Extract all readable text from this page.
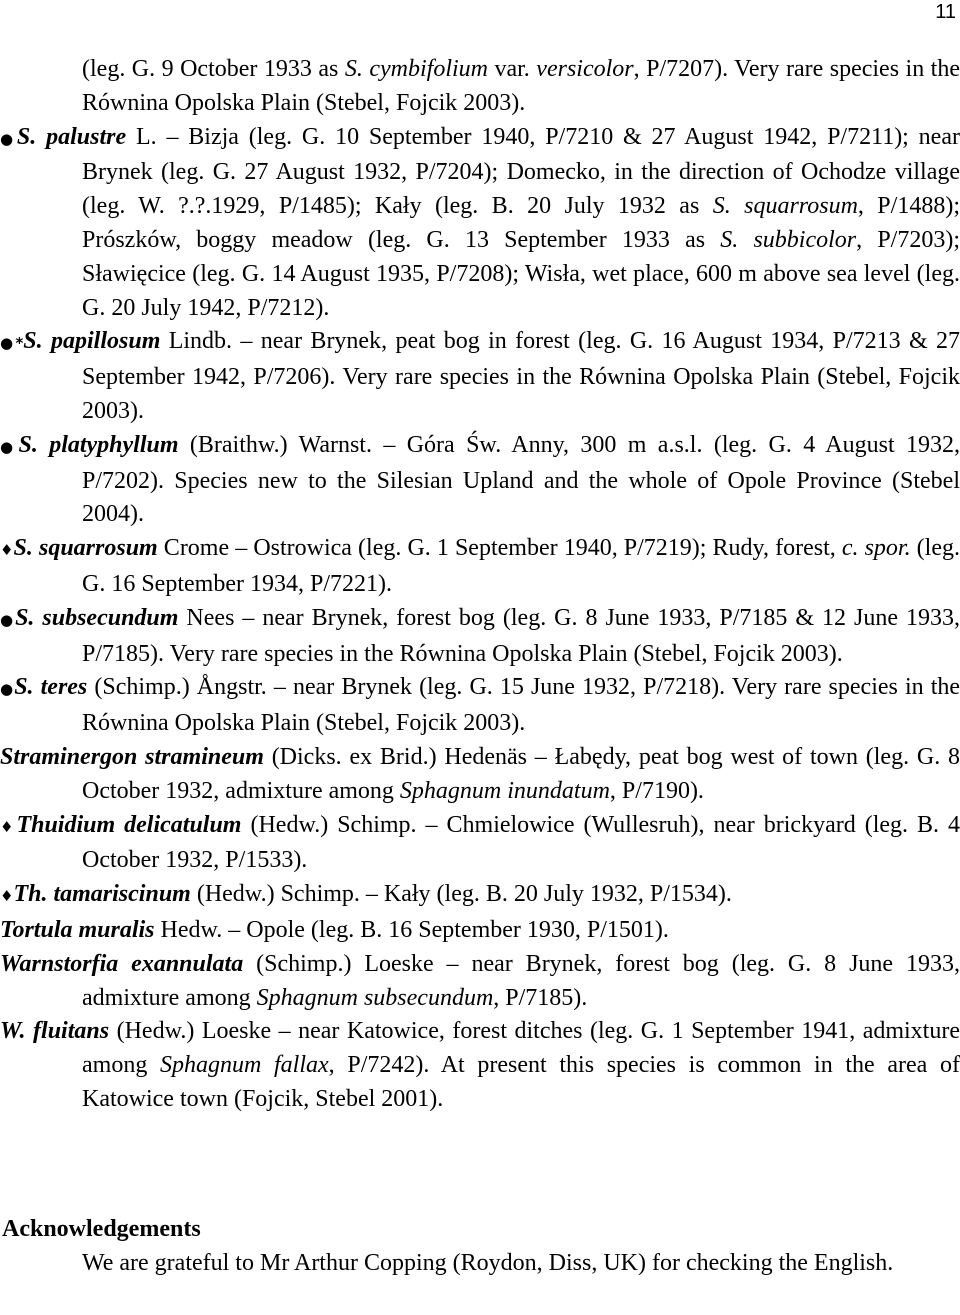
11

(leg. G. 9 October 1933 as S. cymbifolium var. versicolor, P/7207). Very rare species in the Równina Opolska Plain (Stebel, Fojcik 2003).

●S. palustre L. – Bizja (leg. G. 10 September 1940, P/7210 & 27 August 1942, P/7211); near Brynek (leg. G. 27 August 1932, P/7204); Domecko, in the direction of Ochodze village (leg. W. ?.?.1929, P/1485); Kały (leg. B. 20 July 1932 as S. squarrosum, P/1488); Prószków, boggy meadow (leg. G. 13 September 1933 as S. subbicolor, P/7203); Sławięcice (leg. G. 14 August 1935, P/7208); Wisła, wet place, 600 m above sea level (leg. G. 20 July 1942, P/7212).

●*S. papillosum Lindb. – near Brynek, peat bog in forest (leg. G. 16 August 1934, P/7213 & 27 September 1942, P/7206). Very rare species in the Równina Opolska Plain (Stebel, Fojcik 2003).

●S. platyphyllum (Braithw.) Warnst. – Góra Św. Anny, 300 m a.s.l. (leg. G. 4 August 1932, P/7202). Species new to the Silesian Upland and the whole of Opole Province (Stebel 2004).

♦S. squarrosum Crome – Ostrowica (leg. G. 1 September 1940, P/7219); Rudy, forest, c. spor. (leg. G. 16 September 1934, P/7221).

●S. subsecundum Nees – near Brynek, forest bog (leg. G. 8 June 1933, P/7185 & 12 June 1933, P/7185). Very rare species in the Równina Opolska Plain (Stebel, Fojcik 2003).

●S. teres (Schimp.) Ångstr. – near Brynek (leg. G. 15 June 1932, P/7218). Very rare species in the Równina Opolska Plain (Stebel, Fojcik 2003).

Straminergon stramineum (Dicks. ex Brid.) Hedenäs – Łabędy, peat bog west of town (leg. G. 8 October 1932, admixture among Sphagnum inundatum, P/7190).

♦Thuidium delicatulum (Hedw.) Schimp. – Chmielowice (Wullesruh), near brickyard (leg. B. 4 October 1932, P/1533).

♦Th. tamariscinum (Hedw.) Schimp. – Kały (leg. B. 20 July 1932, P/1534).

Tortula muralis Hedw. – Opole (leg. B. 16 September 1930, P/1501).

Warnstorfia exannulata (Schimp.) Loeske – near Brynek, forest bog (leg. G. 8 June 1933, admixture among Sphagnum subsecundum, P/7185).

W. fluitans (Hedw.) Loeske – near Katowice, forest ditches (leg. G. 1 September 1941, admixture among Sphagnum fallax, P/7242). At present this species is common in the area of Katowice town (Fojcik, Stebel 2001).

Acknowledgements

We are grateful to Mr Arthur Copping (Roydon, Diss, UK) for checking the English.
